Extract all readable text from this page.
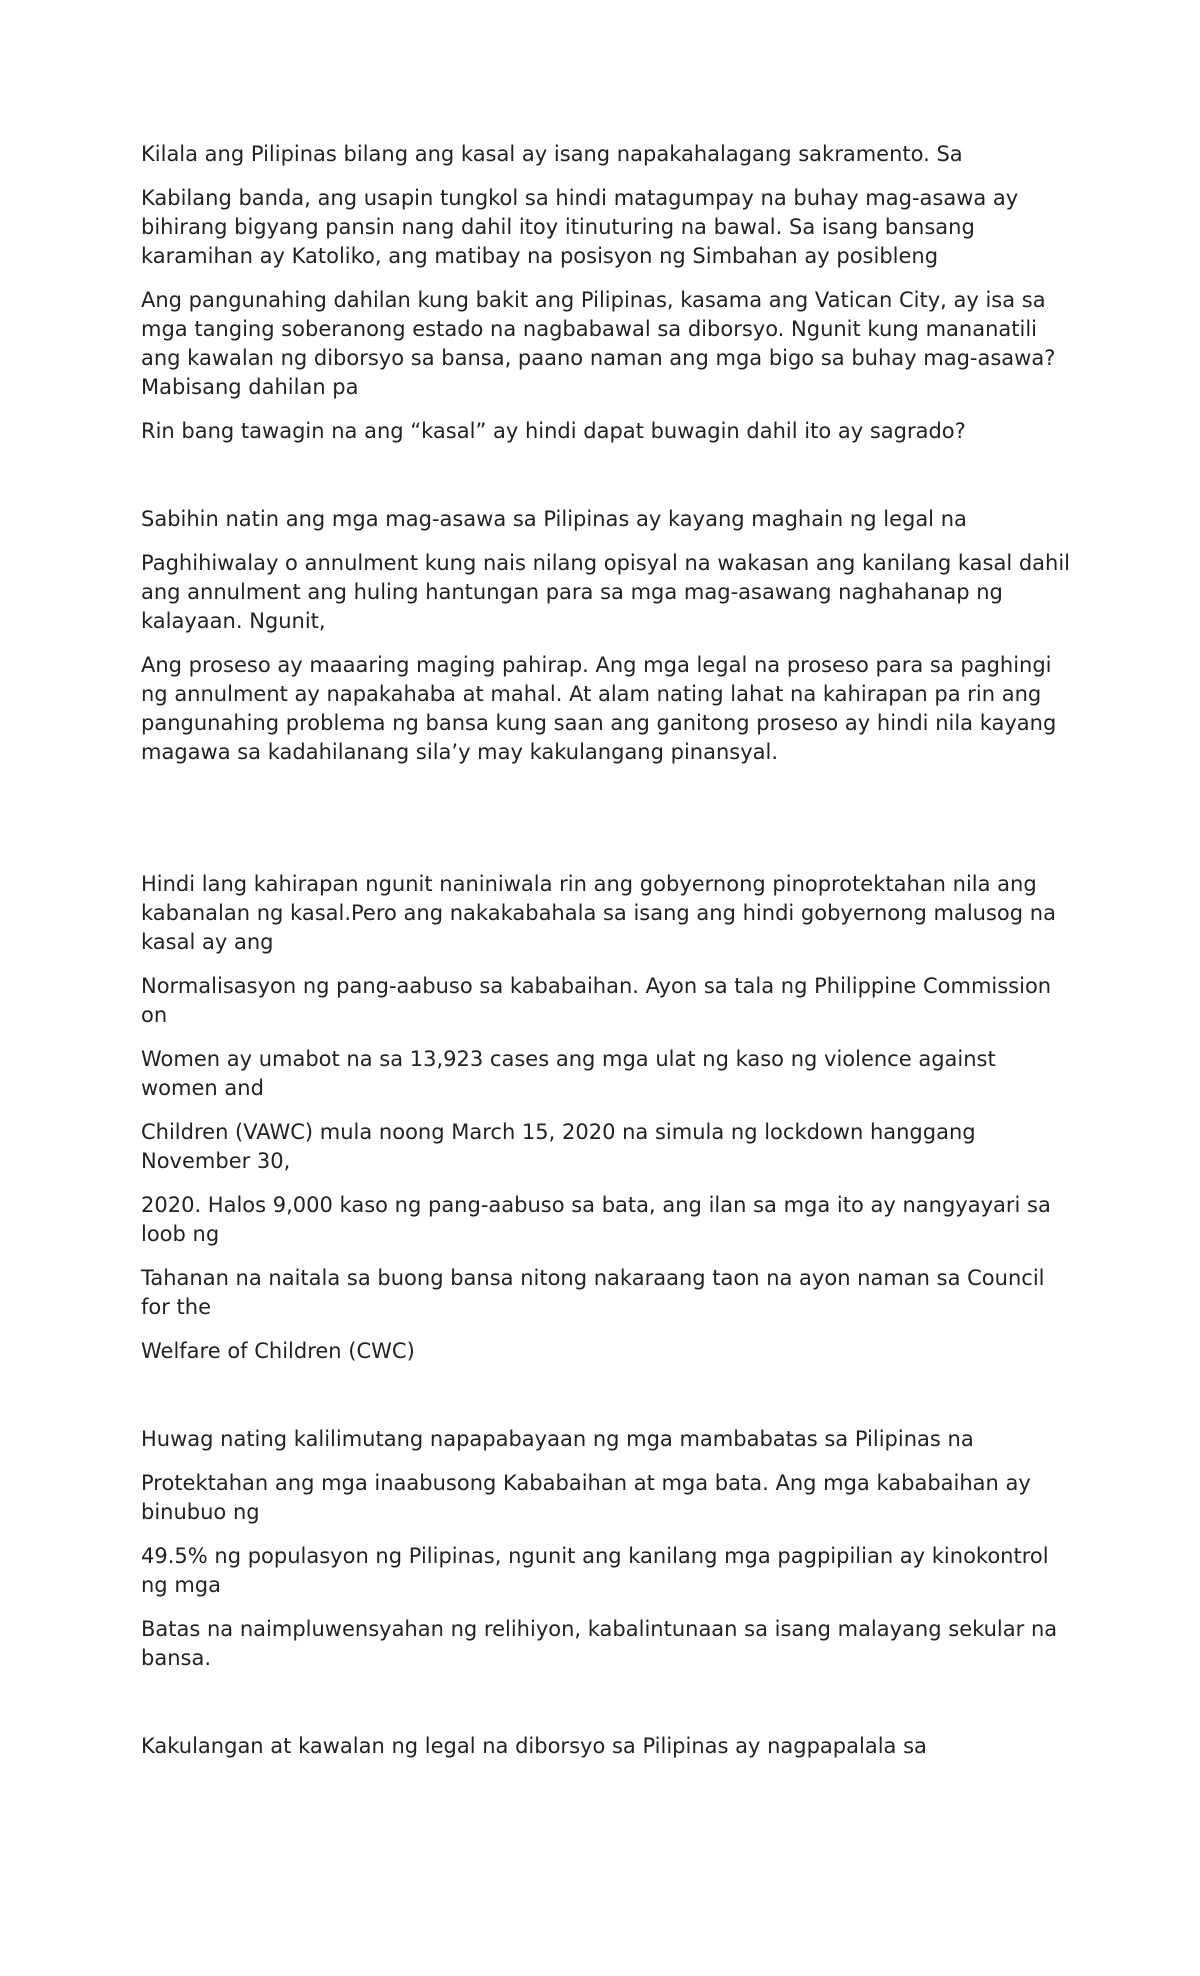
Kilala ang Pilipinas bilang ang kasal ay isang napakahalagang sakramento. Sa

Kabilang banda, ang usapin tungkol sa hindi matagumpay na buhay mag-asawa ay bihirang bigyang pansin nang dahil itoy itinuturing na bawal. Sa isang bansang karamihan ay Katoliko, ang matibay na posisyon ng Simbahan ay posibleng

Ang pangunahing dahilan kung bakit ang Pilipinas, kasama ang Vatican City, ay isa sa mga tanging soberanong estado na nagbabawal sa diborsyo. Ngunit kung mananatili ang kawalan ng diborsyo sa bansa, paano naman ang mga bigo sa buhay mag-asawa? Mabisang dahilan pa

Rin bang tawagin na ang “kasal” ay hindi dapat buwagin dahil ito ay sagrado?

Sabihin natin ang mga mag-asawa sa Pilipinas ay kayang maghain ng legal na

Paghihiwalay o annulment kung nais nilang opisyal na wakasan ang kanilang kasal dahil ang annulment ang huling hantungan para sa mga mag-asawang naghahanap ng kalayaan. Ngunit,

Ang proseso ay maaaring maging pahirap. Ang mga legal na proseso para sa paghingi ng annulment ay napakahaba at mahal. At alam nating lahat na kahirapan pa rin ang pangunahing problema ng bansa kung saan ang ganitong proseso ay hindi nila kayang magawa sa kadahilanang sila’y may kakulangang pinansyal.

Hindi lang kahirapan ngunit naniniwala rin ang gobyernong pinoprotektahan nila ang kabanalan ng kasal.Pero ang nakakabahala sa isang ang hindi gobyernong malusog na kasal ay ang

Normalisasyon ng pang-aabuso sa kababaihan. Ayon sa tala ng Philippine Commission on

Women ay umabot na sa 13,923 cases ang mga ulat ng kaso ng violence against women and

Children (VAWC) mula noong March 15, 2020 na simula ng lockdown hanggang November 30,

2020. Halos 9,000 kaso ng pang-aabuso sa bata, ang ilan sa mga ito ay nangyayari sa loob ng

Tahanan na naitala sa buong bansa nitong nakaraang taon na ayon naman sa Council for the

Welfare of Children (CWC)

Huwag nating kalilimutang napapabayaan ng mga mambabatas sa Pilipinas na

Protektahan ang mga inaabusong Kababaihan at mga bata. Ang mga kababaihan ay binubuo ng

49.5% ng populasyon ng Pilipinas, ngunit ang kanilang mga pagpipilian ay kinokontrol ng mga

Batas na naimpluwensyahan ng relihiyon, kabalintunaan sa isang malayang sekular na bansa.

Kakulangan at kawalan ng legal na diborsyo sa Pilipinas ay nagpapalala sa
